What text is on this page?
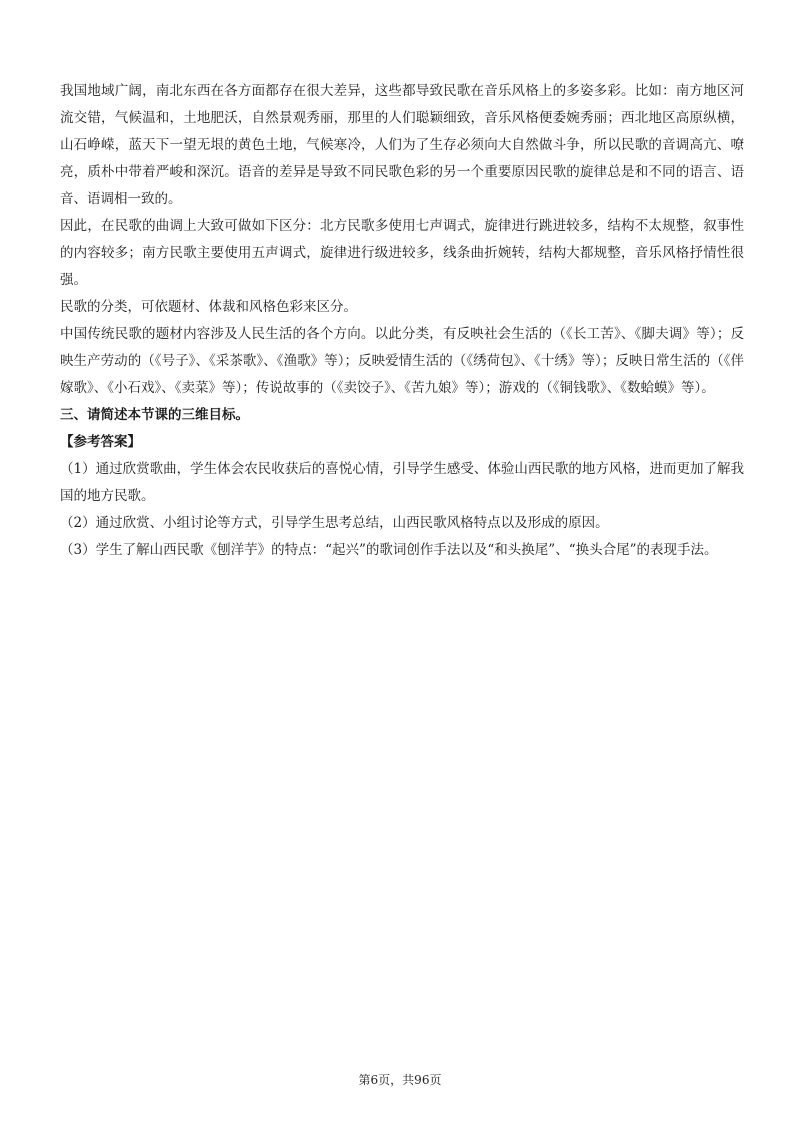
我国地域广阔，南北东西在各方面都存在很大差异，这些都导致民歌在音乐风格上的多姿多彩。比如：南方地区河流交错，气候温和，土地肥沃，自然景观秀丽，那里的人们聪颖细致，音乐风格便委婉秀丽；西北地区高原纵横，山石峥嵘，蓝天下一望无垠的黄色土地，气候寒冷，人们为了生存必须向大自然做斗争，所以民歌的音调高亢、嘹亮，质朴中带着严峻和深沉。语音的差异是导致不同民歌色彩的另一个重要原因民歌的旋律总是和不同的语言、语音、语调相一致的。

因此，在民歌的曲调上大致可做如下区分：北方民歌多使用七声调式，旋律进行跳进较多，结构不太规整，叙事性的内容较多；南方民歌主要使用五声调式，旋律进行级进较多，线条曲折婉转，结构大都规整，音乐风格抒情性很强。

民歌的分类，可依题材、体裁和风格色彩来区分。

中国传统民歌的题材内容涉及人民生活的各个方向。以此分类，有反映社会生活的（《长工苦》、《脚夫调》等）；反映生产劳动的（《号子》、《采茶歌》、《渔歌》等）；反映爱情生活的（《绣荷包》、《十绣》等）；反映日常生活的（《伴嫁歌》、《小石戏》、《卖菜》等）；传说故事的（《卖饺子》、《苦九娘》等）；游戏的（《铜钱歌》、《数蛤蟆》等）。

三、请简述本节课的三维目标。

【参考答案】

（1）通过欣赏歌曲，学生体会农民收获后的喜悦心情，引导学生感受、体验山西民歌的地方风格，进而更加了解我国的地方民歌。

（2）通过欣赏、小组讨论等方式，引导学生思考总结，山西民歌风格特点以及形成的原因。

（3）学生了解山西民歌《刨洋芋》的特点：“起兴”的歌词创作手法以及“和头换尾”、“换头合尾”的表现手法。

第6页，共96页
